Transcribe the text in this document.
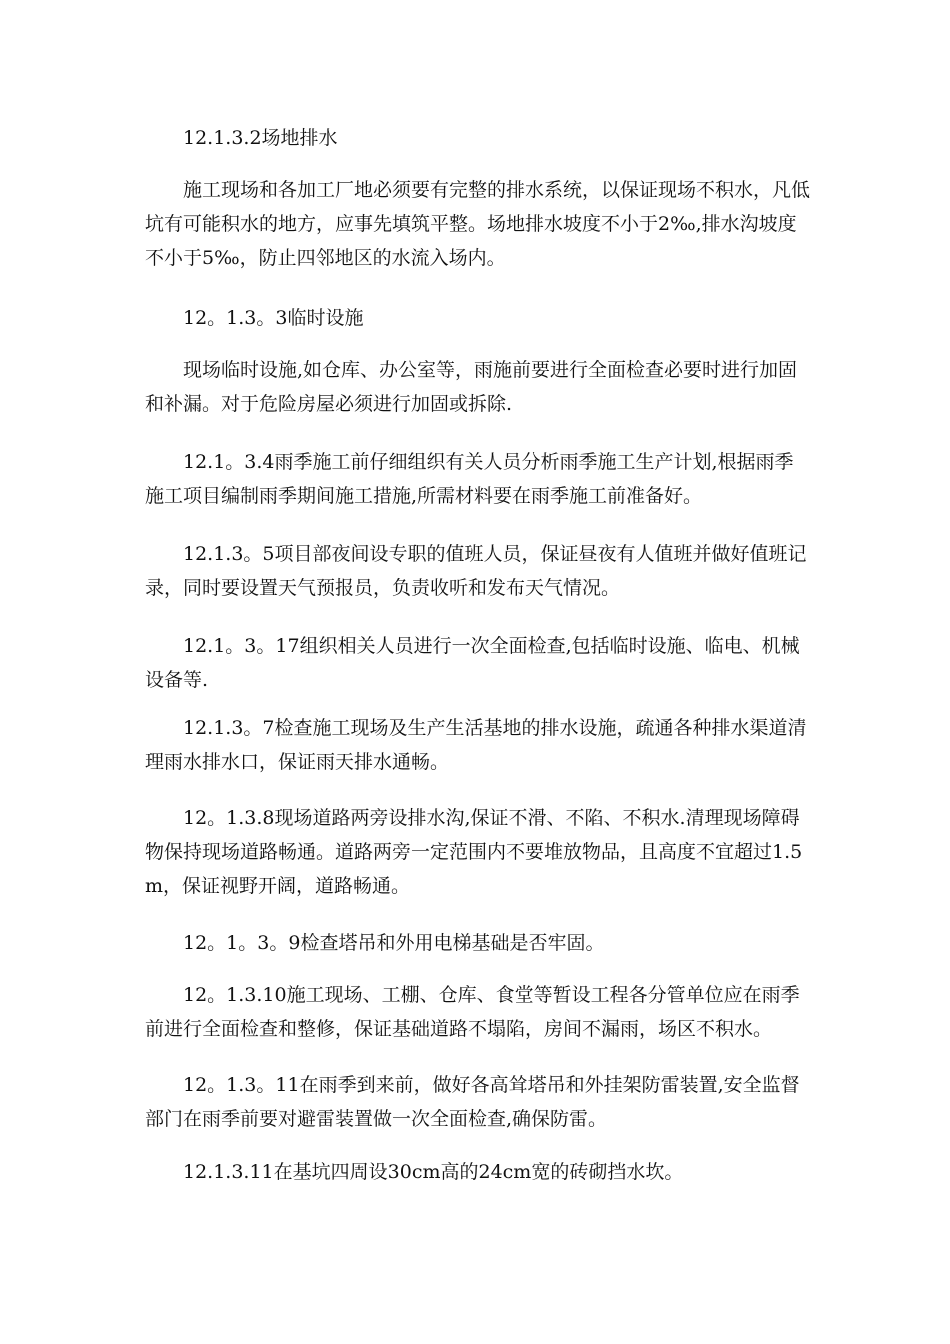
12.1.3.2场地排水

施工现场和各加工厂地必须要有完整的排水系统，以保证现场不积水，凡低坑有可能积水的地方，应事先填筑平整。场地排水坡度不小于2‰,排水沟坡度不小于5‰，防止四邻地区的水流入场内。

12。1.3。3临时设施

现场临时设施,如仓库、办公室等，雨施前要进行全面检查必要时进行加固和补漏。对于危险房屋必须进行加固或拆除.

12.1。3.4雨季施工前仔细组织有关人员分析雨季施工生产计划,根据雨季施工项目编制雨季期间施工措施,所需材料要在雨季施工前准备好。

12.1.3。5项目部夜间设专职的值班人员，保证昼夜有人值班并做好值班记录，同时要设置天气预报员，负责收听和发布天气情况。

12.1。3。17组织相关人员进行一次全面检查,包括临时设施、临电、机械设备等.

12.1.3。7检查施工现场及生产生活基地的排水设施，疏通各种排水渠道清理雨水排水口，保证雨天排水通畅。

12。1.3.8现场道路两旁设排水沟,保证不滑、不陷、不积水.清理现场障碍物保持现场道路畅通。道路两旁一定范围内不要堆放物品，且高度不宜超过1.5m，保证视野开阔，道路畅通。

12。1。3。9检查塔吊和外用电梯基础是否牢固。

12。1.3.10施工现场、工棚、仓库、食堂等暂设工程各分管单位应在雨季前进行全面检查和整修，保证基础道路不塌陷，房间不漏雨，场区不积水。

12。1.3。11在雨季到来前，做好各高耸塔吊和外挂架防雷装置,安全监督部门在雨季前要对避雷装置做一次全面检查,确保防雷。

12.1.3.11在基坑四周设30cm高的24cm宽的砖砌挡水坎。
